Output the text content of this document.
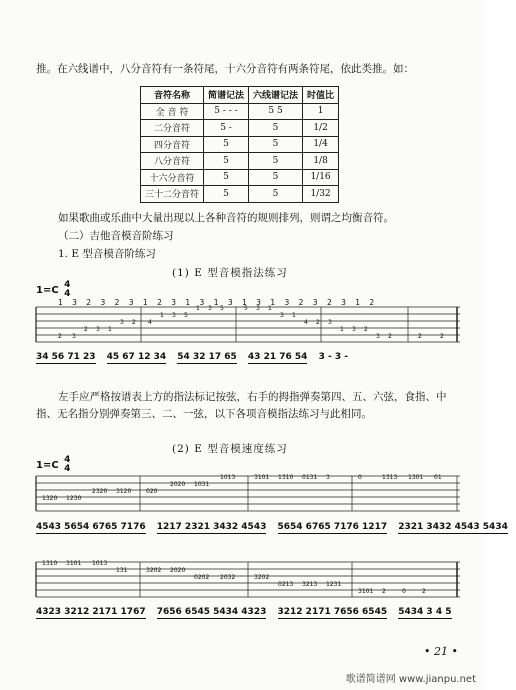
推。在六线谱中，八分音符有一条符尾，十六分音符有两条符尾，依此类推。如：
音符名称	简谱记法	六线谱记法	时值比
全 音 符	5 - - -	5 5	1
二分音符	5 -	5	1/2
四分音符	5	5	1/4
八分音符	5	5	1/8
十六分音符	5	5	1/16
三十二分音符	5	5	1/32
如果歌曲或乐曲中大量出现以上各种音符的规则排列，则谓之均衡音符。
（二）吉他音模音阶练习
1. E 型音模音阶练习
(1) E 型音模指法练习
1=C 4
4
1 3 2 3 2 3 1 2 3 1 3 1 3 1 3 1 3 2 3 2 3 1 2
2 3
2 3 1
3 2 4
1 3 5
1 3 5	5 3 1
3 1
4 2 3
1 3 2
3 2	2	2
34 56 71 23 45 67 12 34 54 32 17 65 43 21 76 54 3 - 3 -
左手应严格按谱表上方的指法标记按弦，右手的拇指弹奏第四、五、六弦，食指、中
指、无名指分别弹奏第三、二、一弦，以下各项音模指法练习与此相同。
(2) E 型音模速度练习
1=C 4
4
1320 1230
2320 3120 020
2020 1031
1013	3101 1310 0131 3	0	1313 1301 01
4543 5654 6765 7176 1217 2321 3432 4543 5654 6765 7176 1217 2321 3432 4543 5434
1310 3101 1013
131	3202 2020
0202 2032	3202
0213 3213 1231
3101 2	0	2
4323 3212 2171 1767 7656 6545 5434 4323 3212 2171 7656 6545 5434 3 4 5
• 21 •
歌谱简谱网 www.jianpu.net
